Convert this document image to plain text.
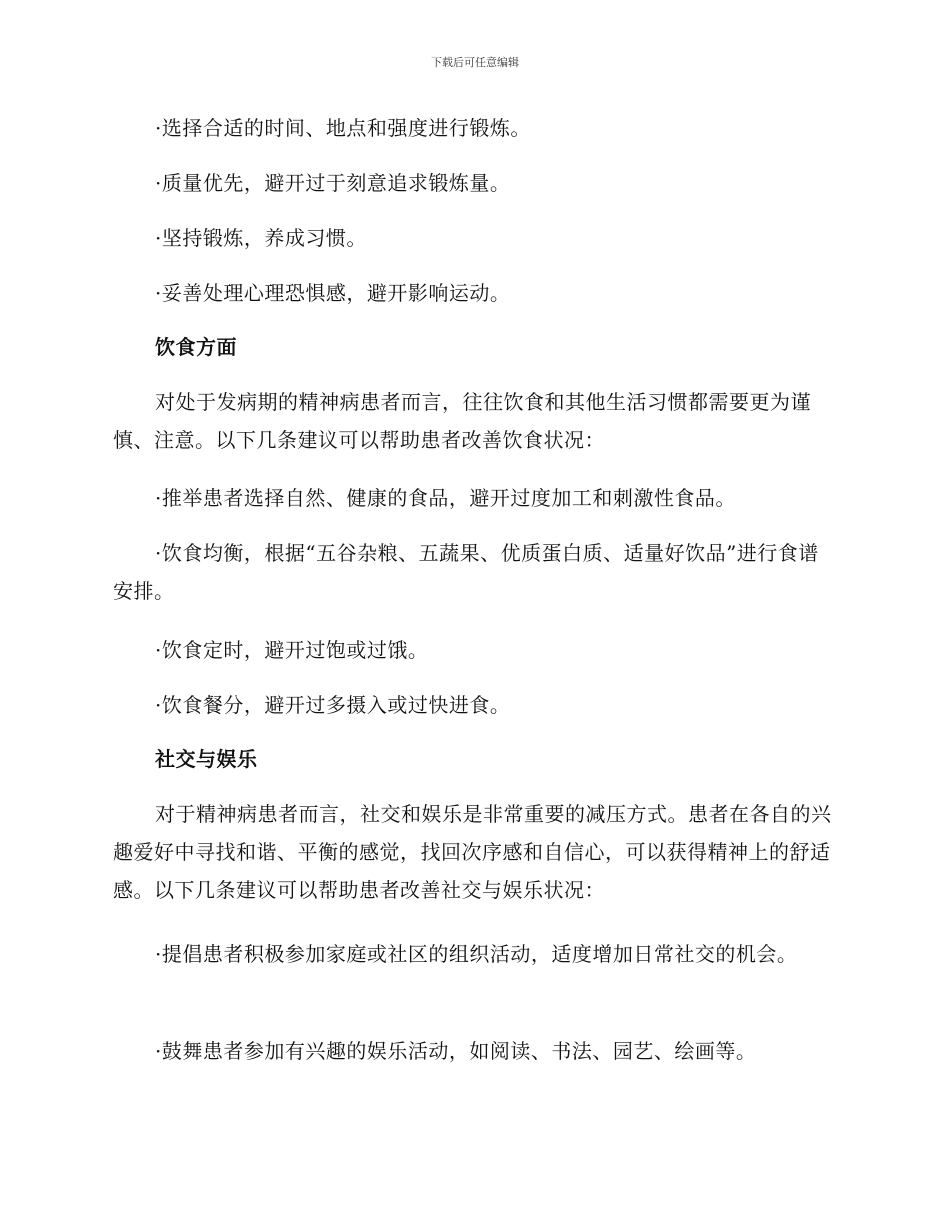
下载后可任意编辑
·选择合适的时间、地点和强度进行锻炼。
·质量优先，避开过于刻意追求锻炼量。
·坚持锻炼，养成习惯。
·妥善处理心理恐惧感，避开影响运动。
饮食方面
对处于发病期的精神病患者而言，往往饮食和其他生活习惯都需要更为谨慎、注意。以下几条建议可以帮助患者改善饮食状况：
·推举患者选择自然、健康的食品，避开过度加工和刺激性食品。
·饮食均衡，根据“五谷杂粮、五蔬果、优质蛋白质、适量好饮品”进行食谱安排。
·饮食定时，避开过饱或过饿。
·饮食餐分，避开过多摄入或过快进食。
社交与娱乐
对于精神病患者而言，社交和娱乐是非常重要的减压方式。患者在各自的兴趣爱好中寻找和谐、平衡的感觉，找回次序感和自信心，可以获得精神上的舒适感。以下几条建议可以帮助患者改善社交与娱乐状况：
·提倡患者积极参加家庭或社区的组织活动，适度增加日常社交的机会。
·鼓舞患者参加有兴趣的娱乐活动，如阅读、书法、园艺、绘画等。
